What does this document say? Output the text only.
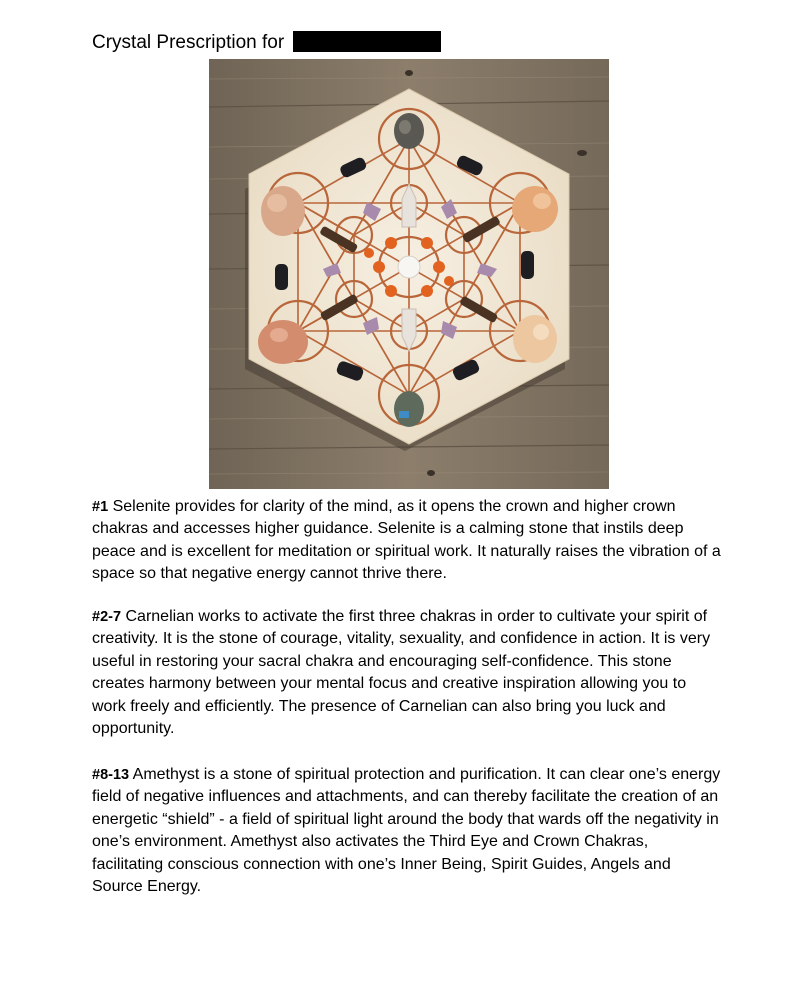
Crystal Prescription for

#1 Selenite provides for clarity of the mind, as it opens the crown and higher crown chakras and accesses higher guidance. Selenite is a calming stone that instils deep peace and is excellent for meditation or spiritual work. It naturally raises the vibration of a space so that negative energy cannot thrive there.

#2-7 Carnelian works to activate the first three chakras in order to cultivate your spirit of creativity. It is the stone of courage, vitality, sexuality, and confidence in action. It is very useful in restoring your sacral chakra and encouraging self-confidence. This stone creates harmony between your mental focus and creative inspiration allowing you to work freely and efficiently. The presence of Carnelian can also bring you luck and opportunity.

#8-13 Amethyst is a stone of spiritual protection and purification. It can clear one’s energy field of negative influences and attachments, and can thereby facilitate the creation of an energetic “shield” - a field of spiritual light around the body that wards off the negativity in one’s environment. Amethyst also activates the Third Eye and Crown Chakras, facilitating conscious connection with one’s Inner Being, Spirit Guides, Angels and Source Energy.
